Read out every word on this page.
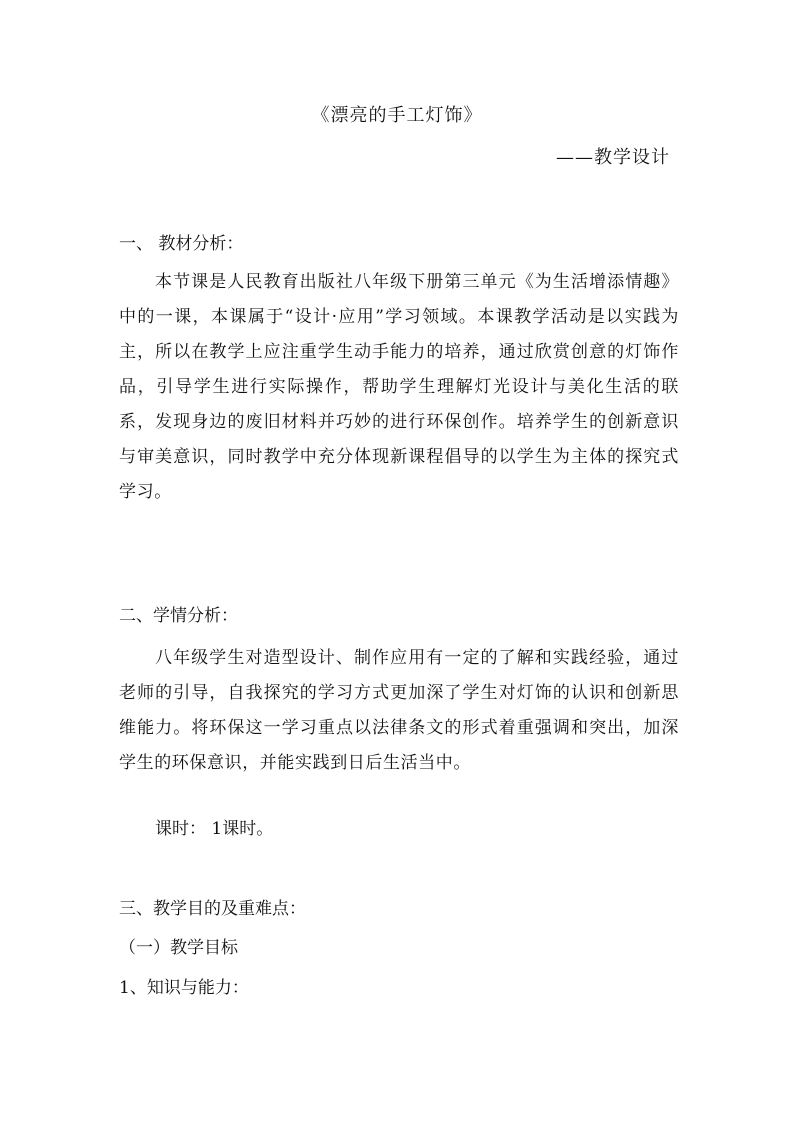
《漂亮的手工灯饰》
——教学设计
一、 教材分析：
本节课是人民教育出版社八年级下册第三单元《为生活增添情趣》中的一课，本课属于“设计·应用”学习领域。本课教学活动是以实践为主，所以在教学上应注重学生动手能力的培养，通过欣赏创意的灯饰作品，引导学生进行实际操作，帮助学生理解灯光设计与美化生活的联系，发现身边的废旧材料并巧妙的进行环保创作。培养学生的创新意识与审美意识，同时教学中充分体现新课程倡导的以学生为主体的探究式学习。
二、学情分析：
八年级学生对造型设计、制作应用有一定的了解和实践经验，通过老师的引导，自我探究的学习方式更加深了学生对灯饰的认识和创新思维能力。将环保这一学习重点以法律条文的形式着重强调和突出，加深学生的环保意识，并能实践到日后生活当中。
课时： 1课时。
三、教学目的及重难点：
（一）教学目标
1、知识与能力：
